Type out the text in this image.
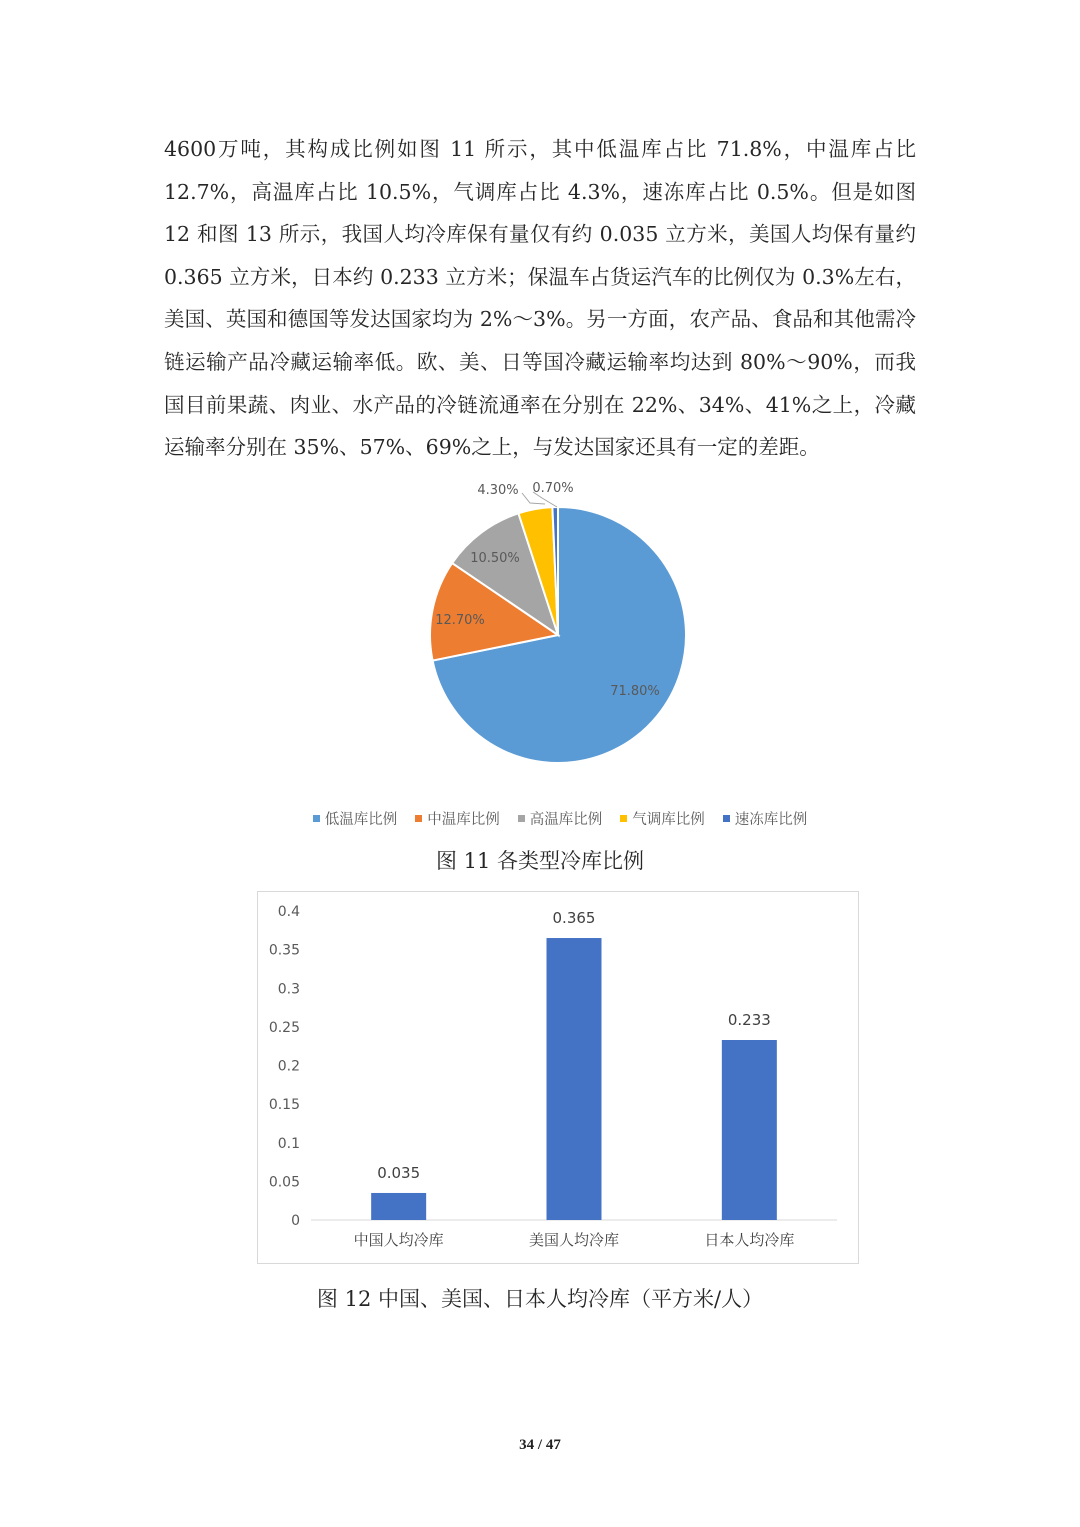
4600万吨，其构成比例如图 11 所示，其中低温库占比 71.8%，中温库占比 12.7%，高温库占比 10.5%，气调库占比 4.3%，速冻库占比 0.5%。但是如图 12 和图 13 所示，我国人均冷库保有量仅有约 0.035 立方米，美国人均保有量约 0.365 立方米，日本约 0.233 立方米；保温车占货运汽车的比例仅为 0.3%左右，美国、英国和德国等发达国家均为 2%～3%。另一方面，农产品、食品和其他需冷链运输产品冷藏运输率低。欧、美、日等国冷藏运输率均达到 80%～90%，而我国目前果蔬、肉业、水产品的冷链流通率在分别在 22%、34%、41%之上，冷藏运输率分别在 35%、57%、69%之上，与发达国家还具有一定的差距。

71.80%
12.70%
10.50%
4.30% 0.70%
低温库比例 中温库比例 高温库比例 气调库比例 速冻库比例

图 11 各类型冷库比例

0
0.05
0.1
0.15
0.2
0.25
0.3
0.35
0.4
0.035
中国人均冷库
0.365
美国人均冷库
0.233
日本人均冷库

图 12 中国、美国、日本人均冷库（平方米/人）

34 / 47
